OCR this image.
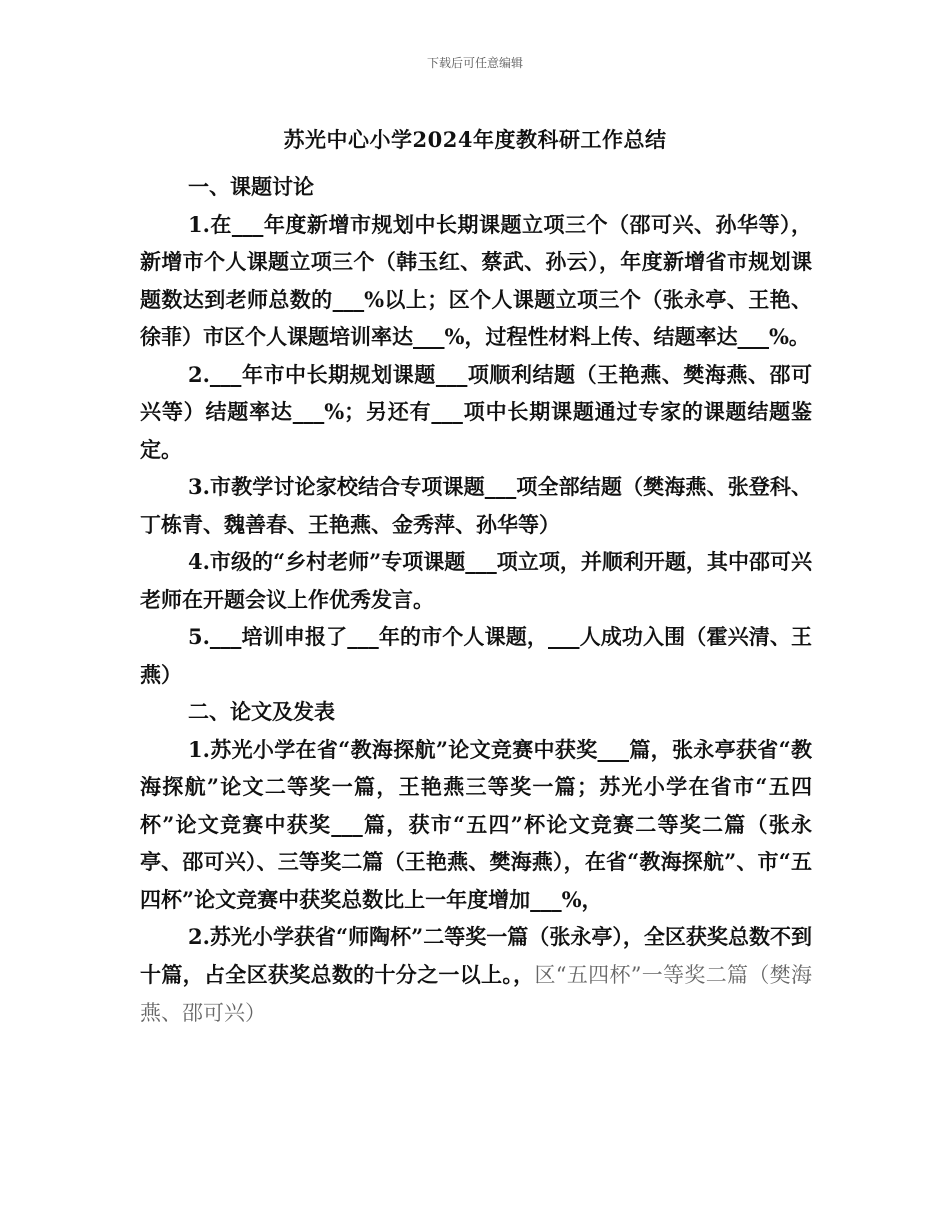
下载后可任意编辑
苏光中心小学2024年度教科研工作总结

一、课题讨论

1.在___年度新增市规划中长期课题立项三个（邵可兴、孙华等），新增市个人课题立项三个（韩玉红、蔡武、孙云），年度新增省市规划课题数达到老师总数的___%以上；区个人课题立项三个（张永亭、王艳、徐菲）市区个人课题培训率达___%，过程性材料上传、结题率达___%。

2.___年市中长期规划课题___项顺利结题（王艳燕、樊海燕、邵可兴等）结题率达___%；另还有___项中长期课题通过专家的课题结题鉴定。

3.市教学讨论家校结合专项课题___项全部结题（樊海燕、张登科、丁栋青、魏善春、王艳燕、金秀萍、孙华等）

4.市级的“乡村老师”专项课题___项立项，并顺利开题，其中邵可兴老师在开题会议上作优秀发言。

5.___培训申报了___年的市个人课题，___人成功入围（霍兴清、王燕）

二、论文及发表

1.苏光小学在省“教海探航”论文竞赛中获奖___篇，张永亭获省“教海探航”论文二等奖一篇，王艳燕三等奖一篇；苏光小学在省市“五四杯”论文竞赛中获奖___篇，获市“五四”杯论文竞赛二等奖二篇（张永亭、邵可兴）、三等奖二篇（王艳燕、樊海燕），在省“教海探航”、市“五四杯”论文竞赛中获奖总数比上一年度增加___%，

2.苏光小学获省“师陶杯”二等奖一篇（张永亭），全区获奖总数不到十篇，占全区获奖总数的十分之一以上。，区“五四杯”一等奖二篇（樊海燕、邵可兴）
